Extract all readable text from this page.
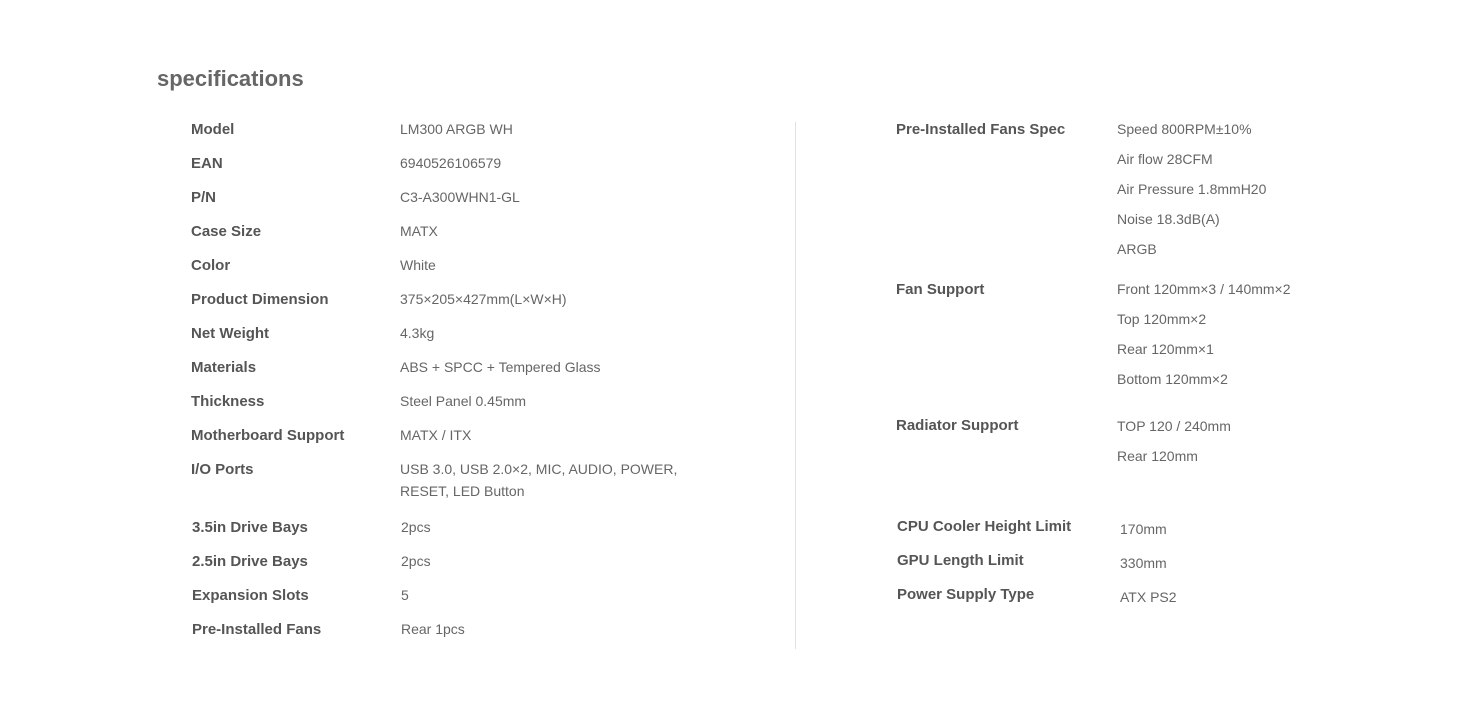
specifications
Model	LM300 ARGB WH
EAN	6940526106579
P/N	C3-A300WHN1-GL
Case Size	MATX
Color	White
Product Dimension	375×205×427mm(L×W×H)
Net Weight	4.3kg
Materials	ABS + SPCC + Tempered Glass
Thickness	Steel Panel 0.45mm
Motherboard Support	MATX / ITX
I/O Ports	USB 3.0, USB 2.0×2, MIC, AUDIO, POWER, RESET, LED Button
3.5in Drive Bays	2pcs
2.5in Drive Bays	2pcs
Expansion Slots	5
Pre-Installed Fans	Rear 1pcs
Pre-Installed Fans Spec	Speed 800RPM±10%
Air flow 28CFM
Air Pressure 1.8mmH20
Noise 18.3dB(A)
ARGB
Fan Support	Front 120mm×3 / 140mm×2
Top 120mm×2
Rear 120mm×1
Bottom 120mm×2
Radiator Support	TOP 120 / 240mm
Rear 120mm
CPU Cooler Height Limit	170mm
GPU Length Limit	330mm
Power Supply Type	ATX PS2
